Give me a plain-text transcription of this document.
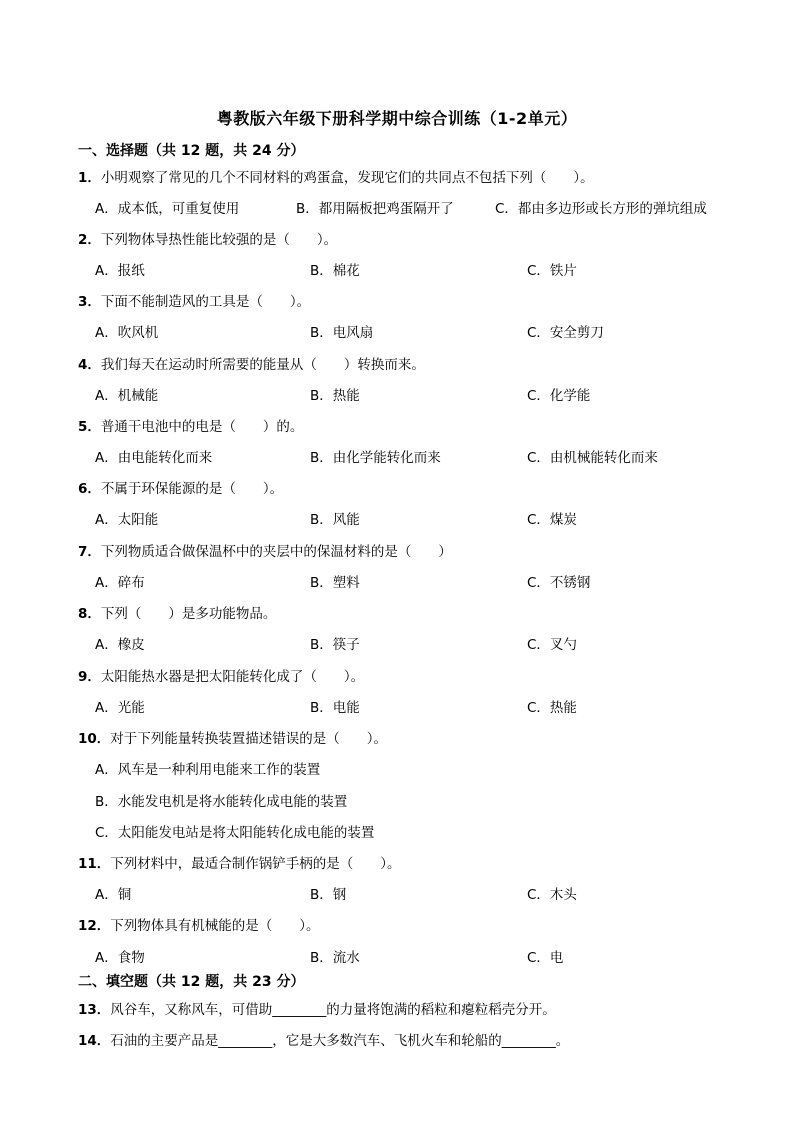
粤教版六年级下册科学期中综合训练（1-2单元）
一、选择题（共 12 题，共 24 分）
1．小明观察了常见的几个不同材料的鸡蛋盒，发现它们的共同点不包括下列（　　）。
A．成本低，可重复使用	B．都用隔板把鸡蛋隔开了	C．都由多边形或长方形的弹坑组成
2．下列物体导热性能比较强的是（　　）。
A．报纸	B．棉花	C．铁片
3．下面不能制造风的工具是（　　）。
A．吹风机	B．电风扇	C．安全剪刀
4．我们每天在运动时所需要的能量从（　　）转换而来。
A．机械能	B．热能	C．化学能
5．普通干电池中的电是（　　）的。
A．由电能转化而来	B．由化学能转化而来	C．由机械能转化而来
6．不属于环保能源的是（　　）。
A．太阳能	B．风能	C．煤炭
7．下列物质适合做保温杯中的夹层中的保温材料的是（　　）
A．碎布	B．塑料	C．不锈钢
8．下列（　　）是多功能物品。
A．橡皮	B．筷子	C．叉勺
9．太阳能热水器是把太阳能转化成了（　　）。
A．光能	B．电能	C．热能
10．对于下列能量转换装置描述错误的是（　　）。
A．风车是一种利用电能来工作的装置
B．水能发电机是将水能转化成电能的装置
C．太阳能发电站是将太阳能转化成电能的装置
11．下列材料中，最适合制作锅铲手柄的是（　　）。
A．铜	B．钢	C．木头
12．下列物体具有机械能的是（　　）。
A．食物	B．流水	C．电
二、填空题（共 12 题，共 23 分）
13．风谷车，又称风车，可借助________的力量将饱满的稻粒和瘪粒稻壳分开。
14．石油的主要产品是________，它是大多数汽车、飞机火车和轮船的________。
